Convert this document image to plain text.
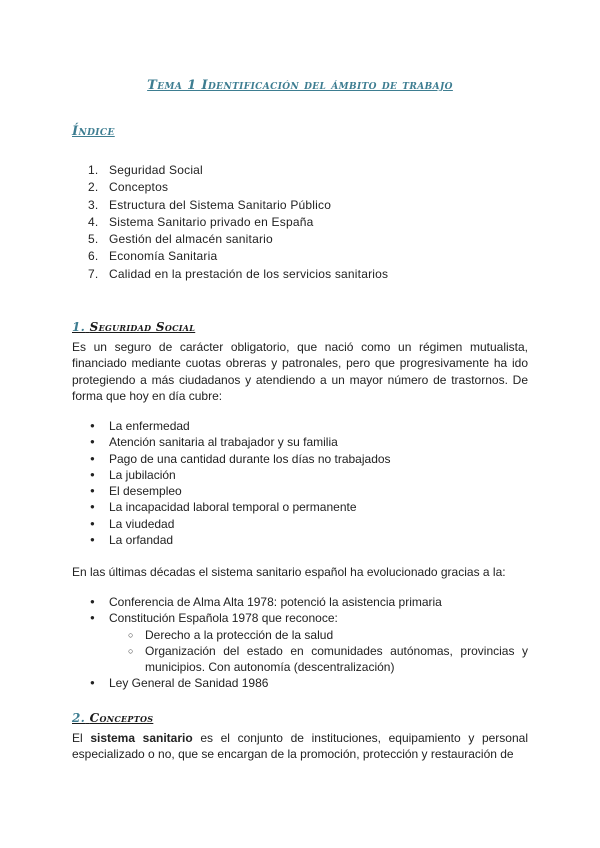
Tema 1 Identificación del ámbito de trabajo
Índice
1. Seguridad Social
2. Conceptos
3. Estructura del Sistema Sanitario Público
4. Sistema Sanitario privado en España
5. Gestión del almacén sanitario
6. Economía Sanitaria
7. Calidad en la prestación de los servicios sanitarios
1. Seguridad Social

Es un seguro de carácter obligatorio, que nació como un régimen mutualista, financiado mediante cuotas obreras y patronales, pero que progresivamente ha ido protegiendo a más ciudadanos y atendiendo a un mayor número de trastornos. De forma que hoy en día cubre:

● La enfermedad
● Atención sanitaria al trabajador y su familia
● Pago de una cantidad durante los días no trabajados
● La jubilación
● El desempleo
● La incapacidad laboral temporal o permanente
● La viudedad
● La orfandad

En las últimas décadas el sistema sanitario español ha evolucionado gracias a la:

● Conferencia de Alma Alta 1978: potenció la asistencia primaria
● Constitución Española 1978 que reconoce:
○ Derecho a la protección de la salud
○ Organización del estado en comunidades autónomas, provincias y municipios. Con autonomía (descentralización)
● Ley General de Sanidad 1986
2. Conceptos

El sistema sanitario es el conjunto de instituciones, equipamiento y personal especializado o no, que se encargan de la promoción, protección y restauración de
